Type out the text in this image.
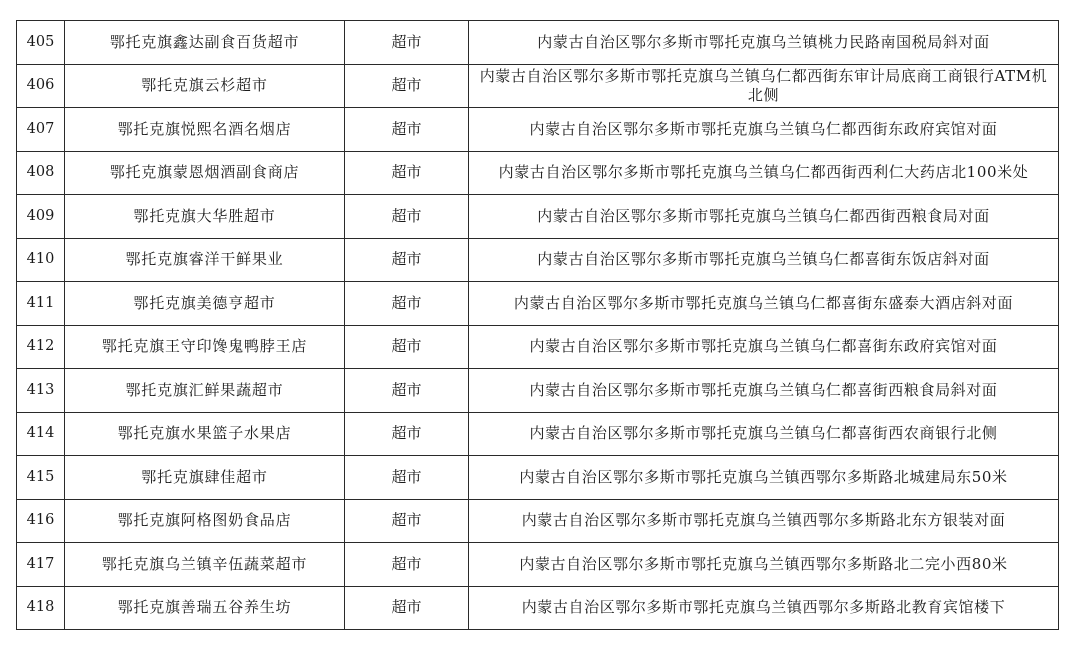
405	鄂托克旗鑫达副食百货超市	超市	内蒙古自治区鄂尔多斯市鄂托克旗乌兰镇桃力民路南国税局斜对面
406	鄂托克旗云杉超市	超市	内蒙古自治区鄂尔多斯市鄂托克旗乌兰镇乌仁都西街东审计局底商工商银行ATM机北侧
407	鄂托克旗悦熙名酒名烟店	超市	内蒙古自治区鄂尔多斯市鄂托克旗乌兰镇乌仁都西街东政府宾馆对面
408	鄂托克旗蒙恩烟酒副食商店	超市	内蒙古自治区鄂尔多斯市鄂托克旗乌兰镇乌仁都西街西利仁大药店北100米处
409	鄂托克旗大华胜超市	超市	内蒙古自治区鄂尔多斯市鄂托克旗乌兰镇乌仁都西街西粮食局对面
410	鄂托克旗睿洋干鲜果业	超市	内蒙古自治区鄂尔多斯市鄂托克旗乌兰镇乌仁都喜街东饭店斜对面
411	鄂托克旗美德亨超市	超市	内蒙古自治区鄂尔多斯市鄂托克旗乌兰镇乌仁都喜街东盛泰大酒店斜对面
412	鄂托克旗王守印馋鬼鸭脖王店	超市	内蒙古自治区鄂尔多斯市鄂托克旗乌兰镇乌仁都喜街东政府宾馆对面
413	鄂托克旗汇鲜果蔬超市	超市	内蒙古自治区鄂尔多斯市鄂托克旗乌兰镇乌仁都喜街西粮食局斜对面
414	鄂托克旗水果篮子水果店	超市	内蒙古自治区鄂尔多斯市鄂托克旗乌兰镇乌仁都喜街西农商银行北侧
415	鄂托克旗肆佳超市	超市	内蒙古自治区鄂尔多斯市鄂托克旗乌兰镇西鄂尔多斯路北城建局东50米
416	鄂托克旗阿格图奶食品店	超市	内蒙古自治区鄂尔多斯市鄂托克旗乌兰镇西鄂尔多斯路北东方银装对面
417	鄂托克旗乌兰镇辛伍蔬菜超市	超市	内蒙古自治区鄂尔多斯市鄂托克旗乌兰镇西鄂尔多斯路北二完小西80米
418	鄂托克旗善瑞五谷养生坊	超市	内蒙古自治区鄂尔多斯市鄂托克旗乌兰镇西鄂尔多斯路北教育宾馆楼下
